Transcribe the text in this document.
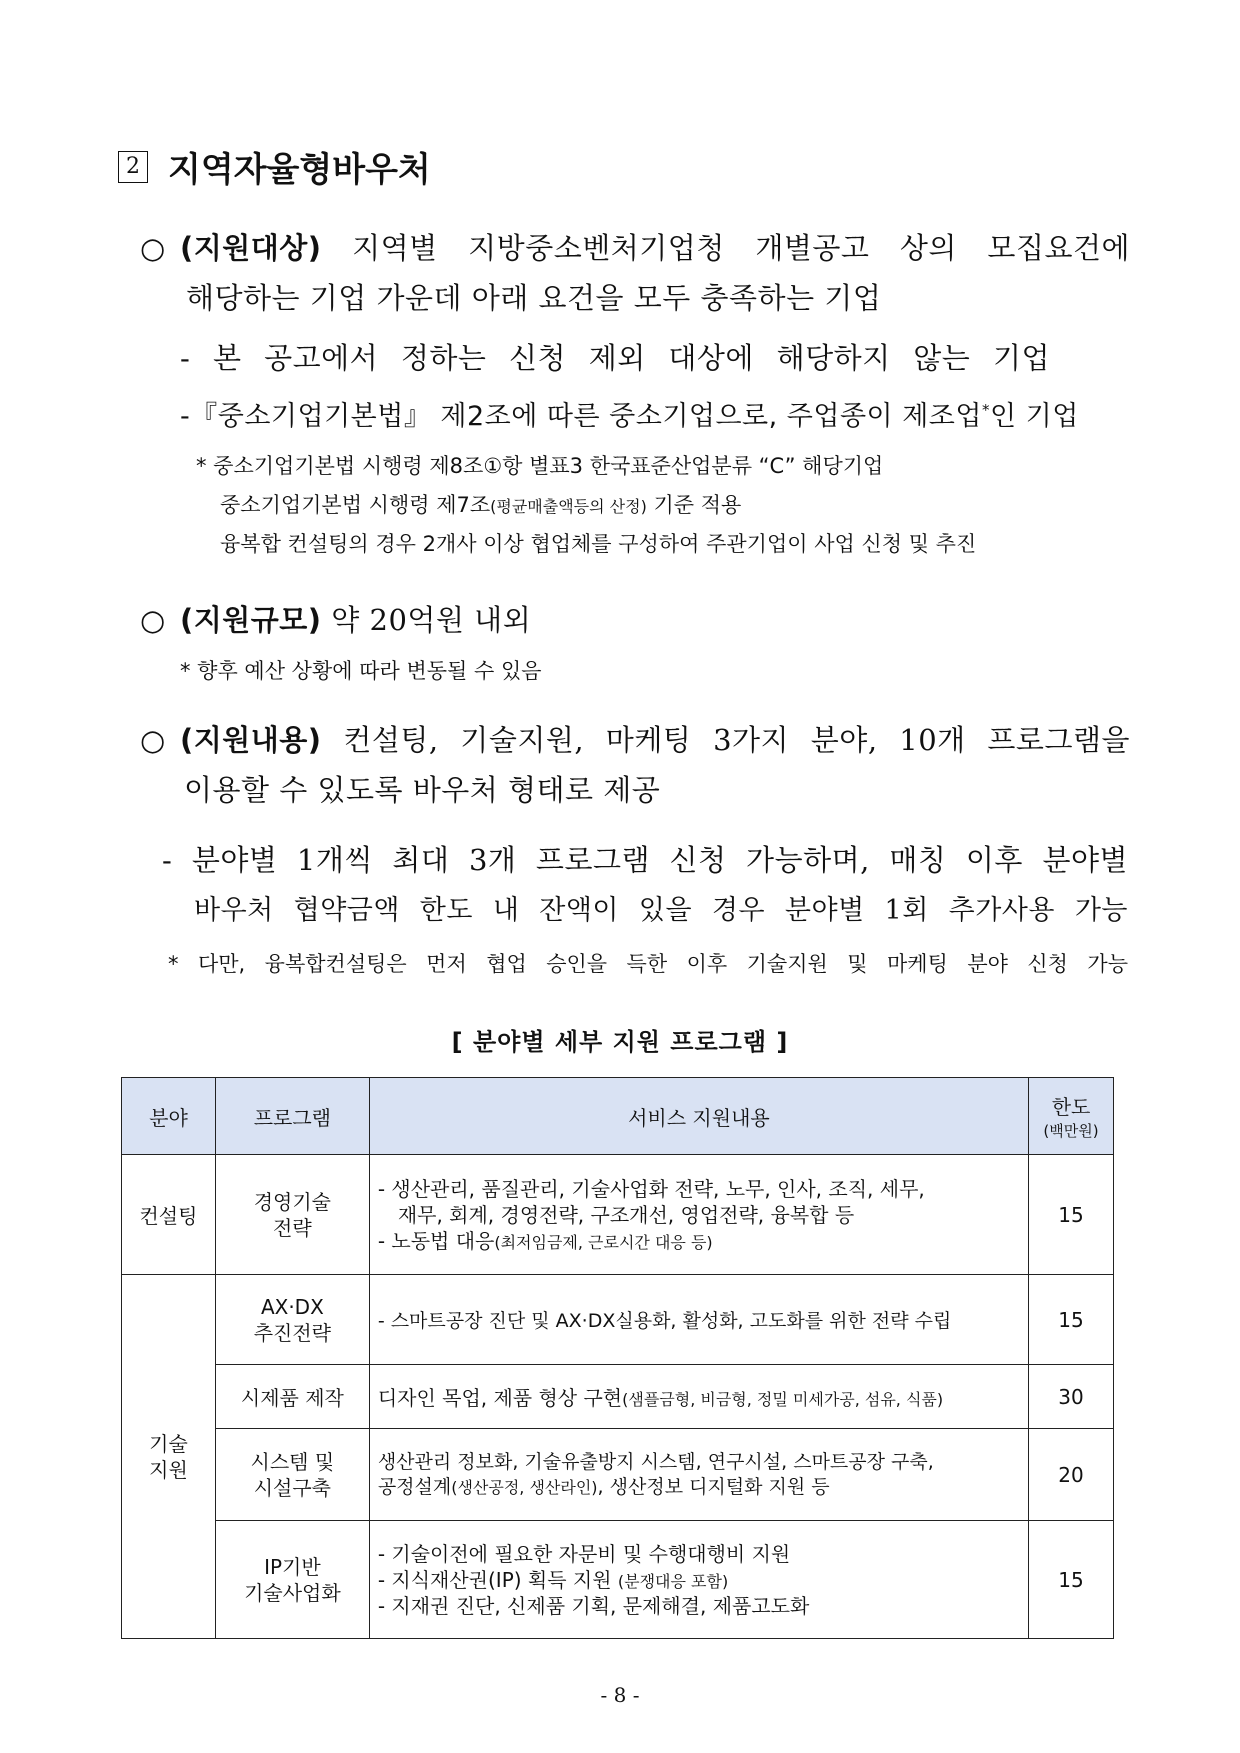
2 지역자율형바우처
○ (지원대상) 지역별 지방중소벤처기업청 개별공고 상의 모집요건에
해당하는 기업 가운데 아래 요건을 모두 충족하는 기업
- 본 공고에서 정하는 신청 제외 대상에 해당하지 않는 기업
-『중소기업기본법』 제2조에 따른 중소기업으로, 주업종이 제조업*인 기업
* 중소기업기본법 시행령 제8조①항 별표3 한국표준산업분류 “C” 해당기업
중소기업기본법 시행령 제7조(평균매출액등의 산정) 기준 적용
융복합 컨설팅의 경우 2개사 이상 협업체를 구성하여 주관기업이 사업 신청 및 추진
○ (지원규모) 약 20억원 내외
* 향후 예산 상황에 따라 변동될 수 있음
○ (지원내용) 컨설팅, 기술지원, 마케팅 3가지 분야, 10개 프로그램을
이용할 수 있도록 바우처 형태로 제공
- 분야별 1개씩 최대 3개 프로그램 신청 가능하며, 매칭 이후 분야별
바우처 협약금액 한도 내 잔액이 있을 경우 분야별 1회 추가사용 가능
* 다만, 융복합컨설팅은 먼저 협업 승인을 득한 이후 기술지원 및 마케팅 분야 신청 가능
[ 분야별 세부 지원 프로그램 ]
분야	프로그램	서비스 지원내용	한도
(백만원)

컨설팅	경영기술
전략	- 생산관리, 품질관리, 기술사업화 전략, 노무, 인사, 조직, 세무,
재무, 회계, 경영전략, 구조개선, 영업전략, 융복합 등
- 노동법 대응(최저임금제, 근로시간 대응 등)	15

기술
지원	AX·DX
추진전략	- 스마트공장 진단 및 AX·DX실용화, 활성화, 고도화를 위한 전략 수립	15
	시제품 제작	디자인 목업, 제품 형상 구현(샘플금형, 비금형, 정밀 미세가공, 섬유, 식품)	30

	시스템 및
시설구축	생산관리 정보화, 기술유출방지 시스템, 연구시설, 스마트공장 구축,
공정설계(생산공정, 생산라인), 생산정보 디지털화 지원 등	20

	IP기반
기술사업화	- 기술이전에 필요한 자문비 및 수행대행비 지원
- 지식재산권(IP) 획득 지원 (분쟁대응 포함)
- 지재권 진단, 신제품 기획, 문제해결, 제품고도화	15
- 8 -
